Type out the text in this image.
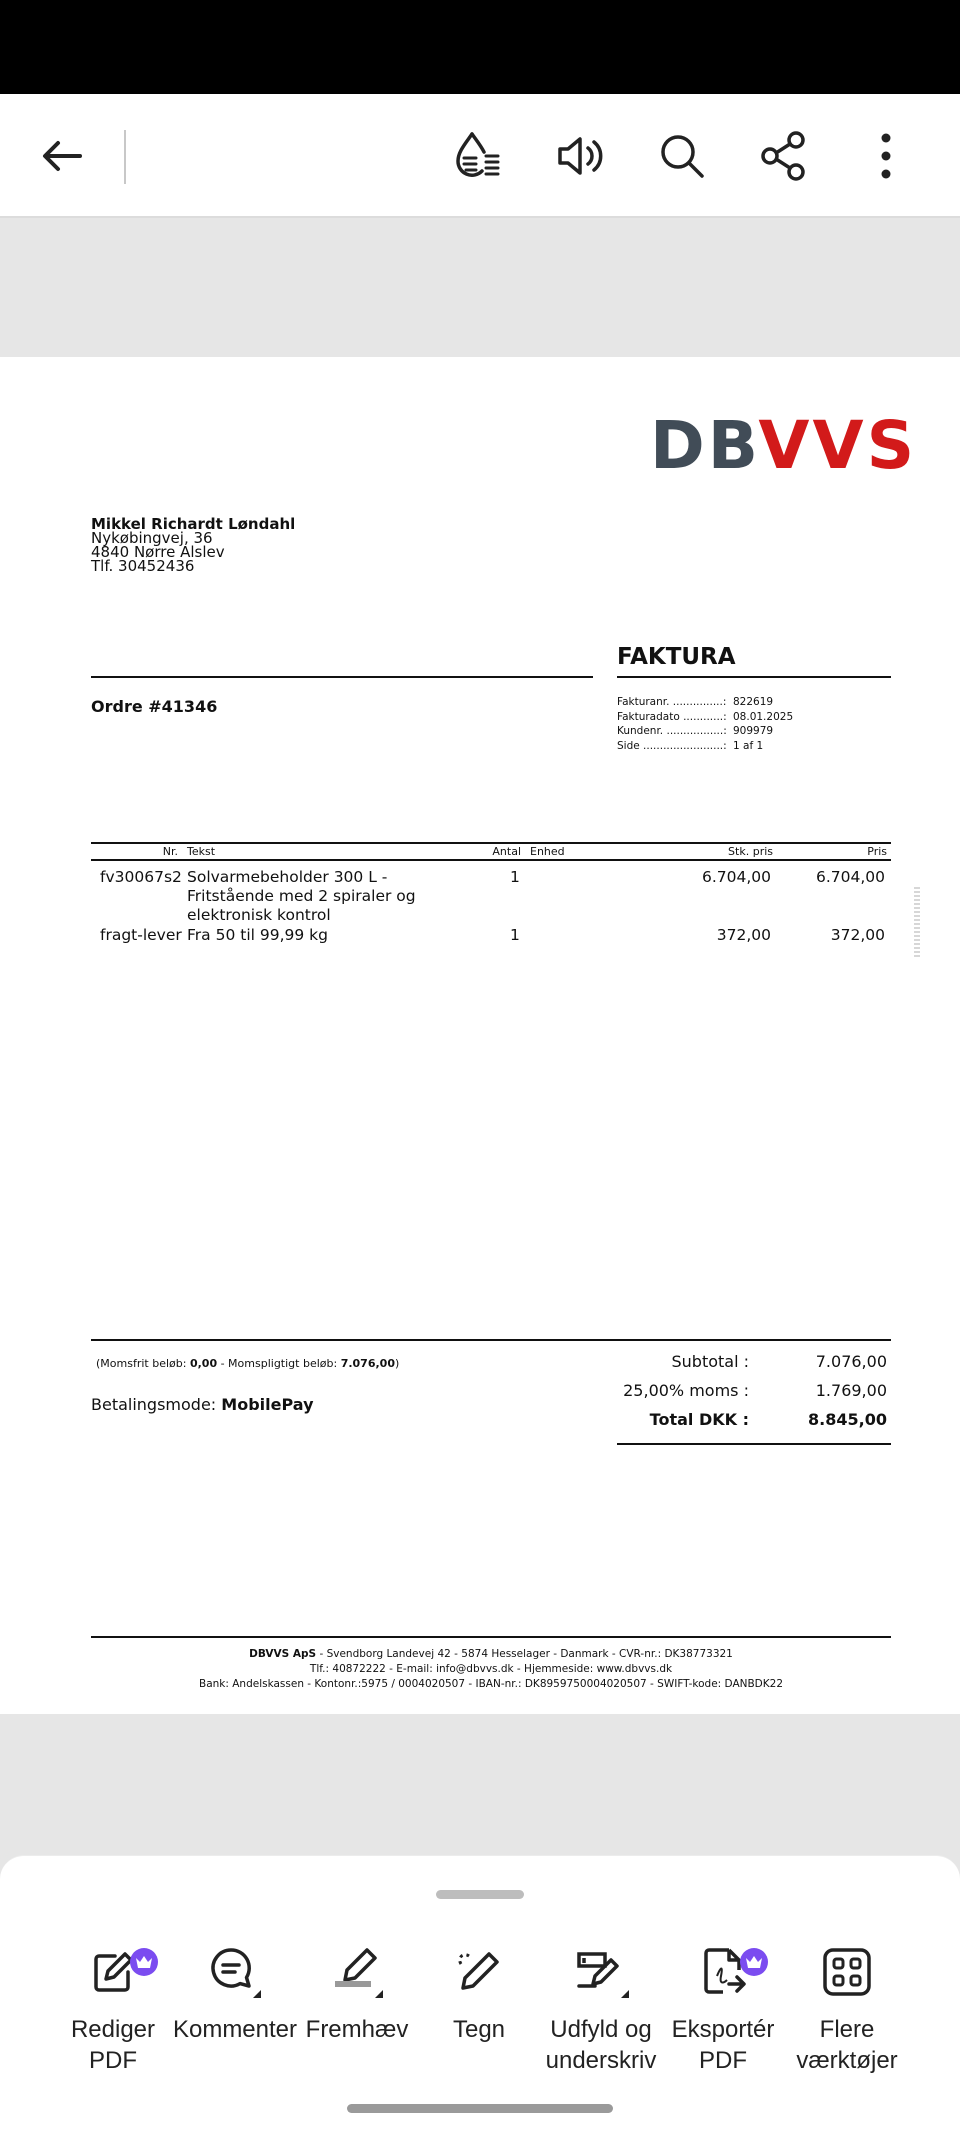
DBVVS
Mikkel Richardt Løndahl
Nykøbingvej, 36
4840 Nørre Alslev
Tlf. 30452436
FAKTURA
Ordre #41346	Fakturanr. ...............: 822619
Fakturadato ............: 08.01.2025
Kundenr. .................: 909979
Side ........................: 1 af 1
Nr. Tekst	Antal Enhed	Stk. pris	Pris
fv30067s2 Solvarmebeholder 300 L -
Fritstående med 2 spiraler og
elektronisk kontrol
1	6.704,00	6.704,00
fragt-lever Fra 50 til 99,99 kg	1	372,00	372,00
(Momsfrit beløb: 0,00 - Momspligtigt beløb: 7.076,00)
Betalingsmode: MobilePay
Subtotal :	7.076,00
25,00% moms :	1.769,00
Total DKK :	8.845,00
DBVVS ApS - Svendborg Landevej 42 - 5874 Hesselager - Danmark - CVR-nr.: DK38773321
Tlf.: 40872222 - E-mail: info@dbvvs.dk - Hjemmeside: www.dbvvs.dk
Bank: Andelskassen - Kontonr.:5975 / 0004020507 - IBAN-nr.: DK8959750004020507 - SWIFT-kode: DANBDK22
Rediger
PDF
Kommenter Fremhæv	Tegn	Udfyld og
underskriv
Eksportér
PDF
Flere
værktøjer
